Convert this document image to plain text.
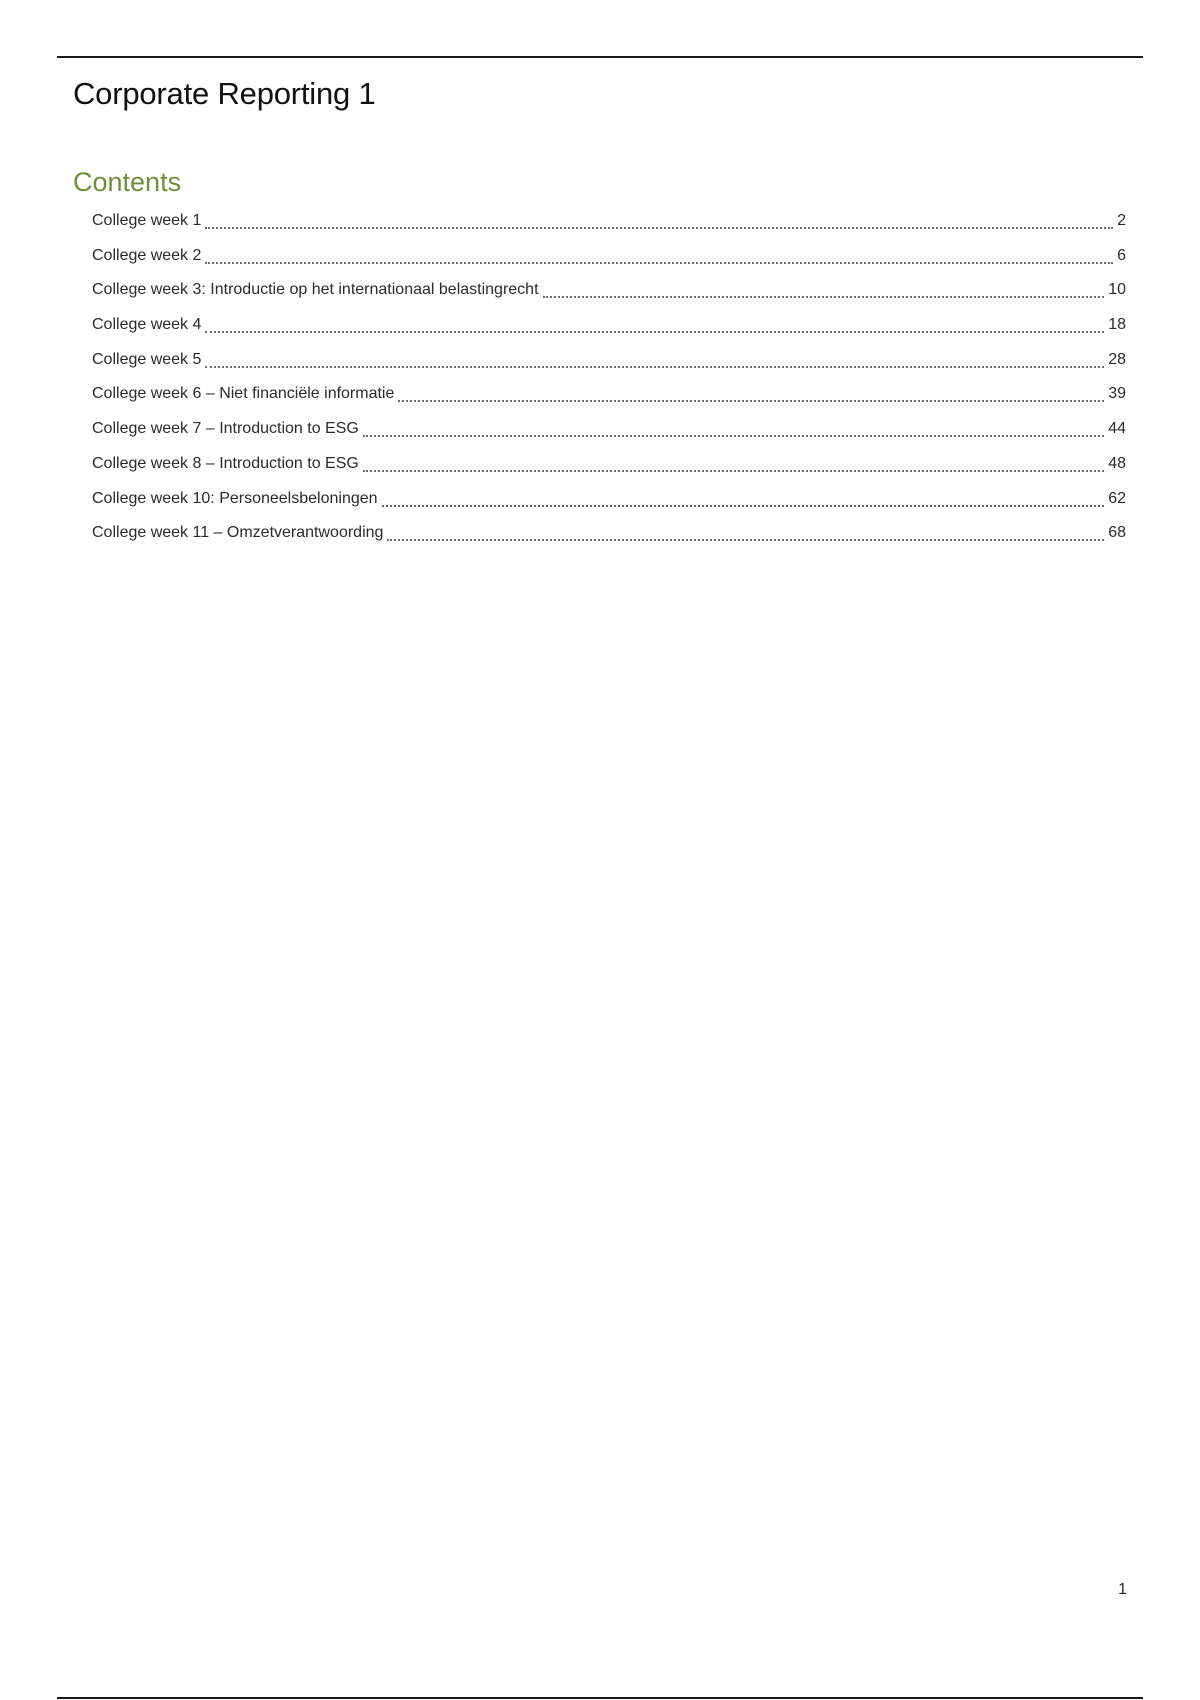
Corporate Reporting 1
Contents
College week 1	2
College week 2	6
College week 3: Introductie op het internationaal belastingrecht	10
College week 4	18
College week 5	28
College week 6 – Niet financiële informatie	39
College week 7 – Introduction to ESG	44
College week 8 – Introduction to ESG	48
College week 10: Personeelsbeloningen	62
College week 11 – Omzetverantwoording	68
1
